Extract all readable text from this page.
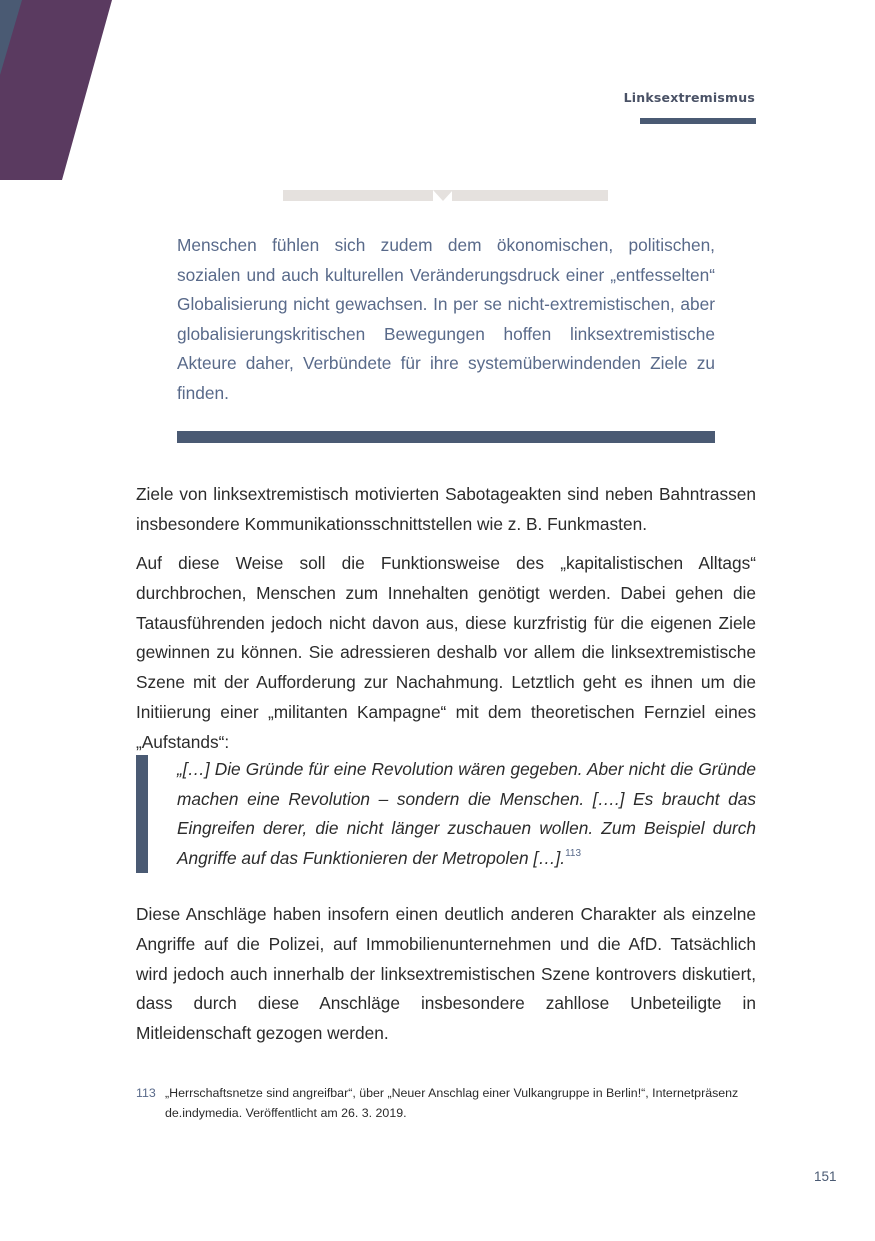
Linksextremismus
Menschen fühlen sich zudem dem ökonomischen, politischen, sozialen und auch kulturellen Veränderungsdruck einer „entfesselten“ Globalisierung nicht gewachsen. In per se nicht-extremistischen, aber globalisierungskritischen Bewegungen hoffen linksextremistische Akteure daher, Verbündete für ihre systemüberwindenden Ziele zu finden.

Ziele von linksextremistisch motivierten Sabotageakten sind neben Bahntrassen insbesondere Kommunikationsschnittstellen wie z. B. Funkmasten.

Auf diese Weise soll die Funktionsweise des „kapitalistischen Alltags“ durchbrochen, Menschen zum Innehalten genötigt werden. Dabei gehen die Tatausführenden jedoch nicht davon aus, diese kurzfristig für die eigenen Ziele gewinnen zu können. Sie adressieren deshalb vor allem die linksextremistische Szene mit der Aufforderung zur Nachahmung. Letztlich geht es ihnen um die Initiierung einer „militanten Kampagne“ mit dem theoretischen Fernziel eines „Aufstands“:

„[…] Die Gründe für eine Revolution wären gegeben. Aber nicht die Gründe machen eine Revolution – sondern die Menschen. [….] Es braucht das Eingreifen derer, die nicht länger zuschauen wollen. Zum Beispiel durch Angriffe auf das Funktionieren der Metropolen […].$^{113}$

Diese Anschläge haben insofern einen deutlich anderen Charakter als einzelne Angriffe auf die Polizei, auf Immobilienunternehmen und die AfD. Tatsächlich wird jedoch auch innerhalb der linksextremistischen Szene kontrovers diskutiert, dass durch diese Anschläge insbesondere zahllose Unbeteiligte in Mitleidenschaft gezogen werden.

113 „Herrschaftsnetze sind angreifbar“, über „Neuer Anschlag einer Vulkangruppe in Berlin!“, Internetpräsenz de.indymedia. Veröffentlicht am 26. 3. 2019.
151
